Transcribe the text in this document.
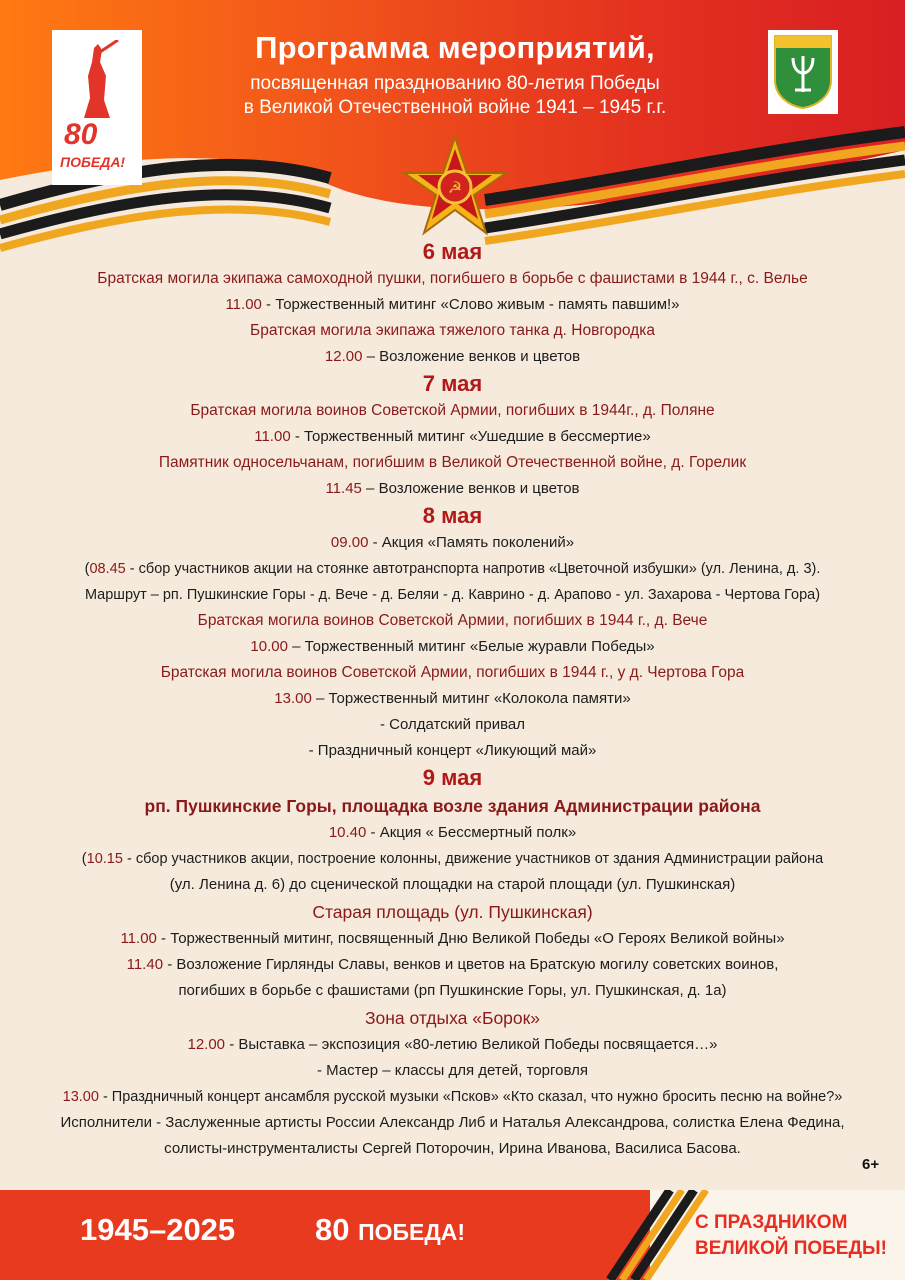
☭
80
ПОБЕДА!
Программа мероприятий,
посвященная празднованию 80-летия Победы
в Великой Отечественной войне 1941 – 1945 г.г.
6 мая
Братская могила экипажа самоходной пушки, погибшего в борьбе с фашистами в 1944 г., с. Велье
11.00 - Торжественный митинг «Слово живым - память павшим!»
Братская могила экипажа тяжелого танка д. Новгородка
12.00 – Возложение венков и цветов
7 мая
Братская могила воинов Советской Армии, погибших в 1944г., д. Поляне
11.00 - Торжественный митинг «Ушедшие в бессмертие»
Памятник односельчанам, погибшим в Великой Отечественной войне, д. Горелик
11.45 – Возложение венков и цветов
8 мая
09.00 - Акция «Память поколений»
(08.45 - сбор участников акции на стоянке автотранспорта напротив «Цветочной избушки» (ул. Ленина, д. 3).
Маршрут – рп. Пушкинские Горы - д. Вече - д. Беляи - д. Каврино - д. Арапово - ул. Захарова - Чертова Гора)
Братская могила воинов Советской Армии, погибших в 1944 г., д. Вече
10.00 – Торжественный митинг «Белые журавли Победы»
Братская могила воинов Советской Армии, погибших в 1944 г., у д. Чертова Гора
13.00 – Торжественный митинг «Колокола памяти»
- Солдатский привал
- Праздничный концерт «Ликующий май»
9 мая
рп. Пушкинские Горы, площадка возле здания Администрации района
10.40 - Акция « Бессмертный полк»
(10.15 - сбор участников акции, построение колонны, движение участников от здания Администрации района
(ул. Ленина д. 6) до сценической площадки на старой площади (ул. Пушкинская)
Старая площадь (ул. Пушкинская)
11.00 - Торжественный митинг, посвященный Дню Великой Победы «О Героях Великой войны»
11.40 - Возложение Гирлянды Славы, венков и цветов на Братскую могилу советских воинов,
погибших в борьбе с фашистами (рп Пушкинские Горы, ул. Пушкинская, д. 1а)
Зона отдыха «Борок»
12.00 - Выставка – экспозиция «80-летию Великой Победы посвящается…»
- Мастер – классы для детей, торговля
13.00 - Праздничный концерт ансамбля русской музыки «Псков» «Кто сказал, что нужно бросить песню на войне?»
Исполнители - Заслуженные артисты России Александр Либ и Наталья Александрова, солистка Елена Федина,
солисты-инструменталисты Сергей Поторочин, Ирина Иванова, Василиса Басова.
6+
1945–2025	80 ПОБЕДА!	С ПРАЗДНИКОМ
ВЕЛИКОЙ ПОБЕДЫ!
